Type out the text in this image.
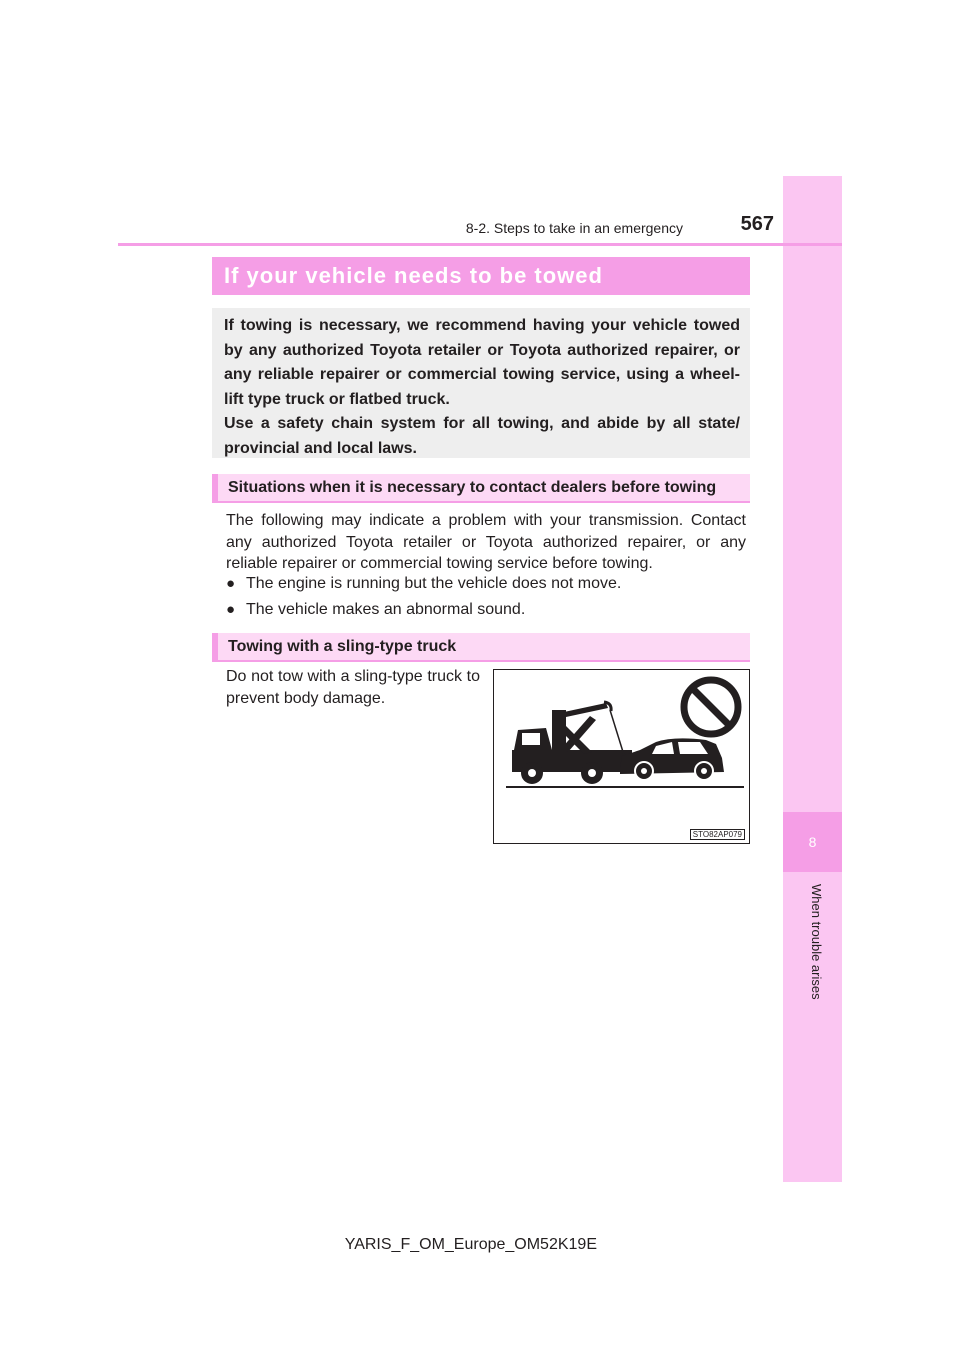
8
When trouble arises
8-2. Steps to take in an emergency	567
If your vehicle needs to be towed
If towing is necessary, we recommend having your vehicle towed by any authorized Toyota retailer or Toyota authorized repairer, or any reliable repairer or commercial towing service, using a wheel-lift type truck or flatbed truck.
Use a safety chain system for all towing, and abide by all state/ provincial and local laws.
Situations when it is necessary to contact dealers before towing
The following may indicate a problem with your transmission. Contact any authorized Toyota retailer or Toyota authorized repairer, or any reliable repairer or commercial towing service before towing.
● The engine is running but the vehicle does not move.
● The vehicle makes an abnormal sound.
Towing with a sling-type truck
Do not tow with a sling-type truck to prevent body damage.
STO82AP079
YARIS_F_OM_Europe_OM52K19E
